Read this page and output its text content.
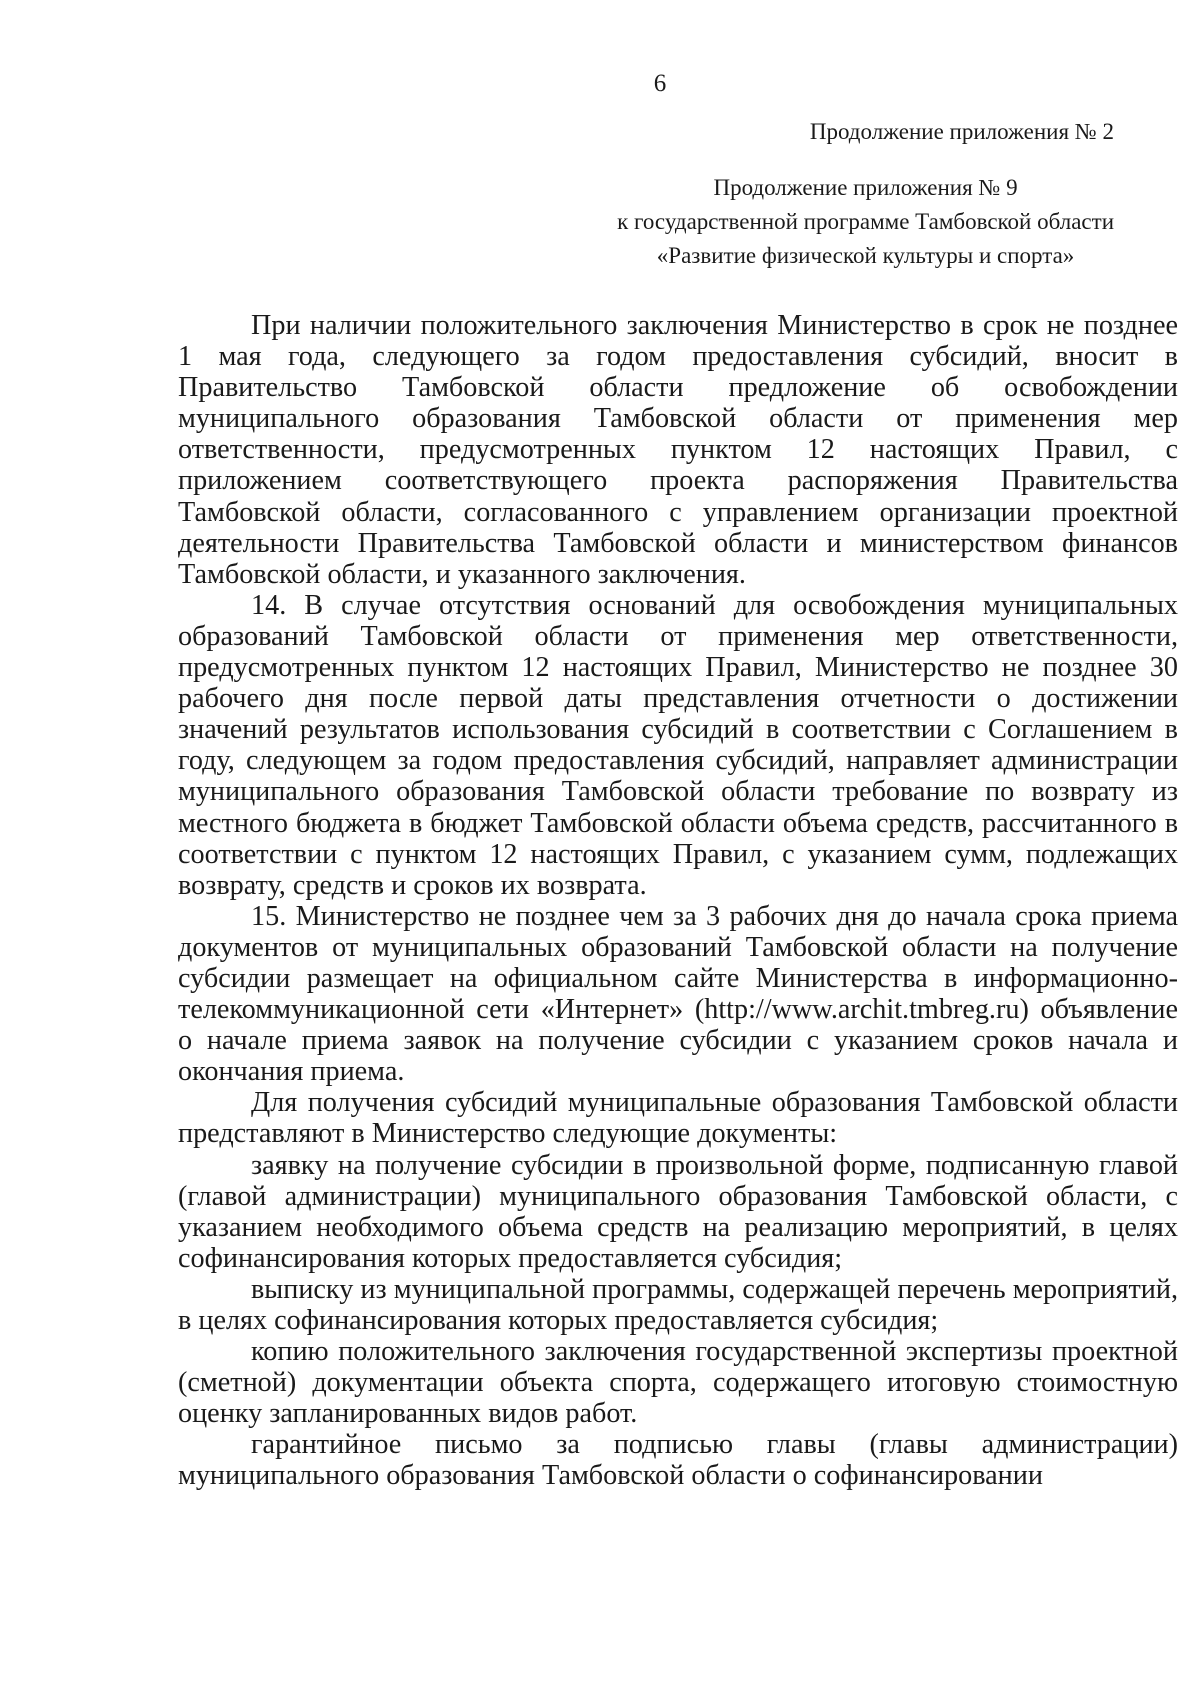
6
Продолжение приложения № 2
Продолжение приложения № 9
к государственной программе Тамбовской области
«Развитие физической культуры и спорта»

При наличии положительного заключения Министерство в срок не позднее 1 мая года, следующего за годом предоставления субсидий, вносит в Правительство Тамбовской области предложение об освобождении муниципального образования Тамбовской области от применения мер ответственности, предусмотренных пунктом 12 настоящих Правил, с приложением соответствующего проекта распоряжения Правительства Тамбовской области, согласованного с управлением организации проектной деятельности Правительства Тамбовской области и министерством финансов Тамбовской области, и указанного заключения.

14. В случае отсутствия оснований для освобождения муниципальных образований Тамбовской области от применения мер ответственности, предусмотренных пунктом 12 настоящих Правил, Министерство не позднее 30 рабочего дня после первой даты представления отчетности о достижении значений результатов использования субсидий в соответствии с Соглашением в году, следующем за годом предоставления субсидий, направляет администрации муниципального образования Тамбовской области требование по возврату из местного бюджета в бюджет Тамбовской области объема средств, рассчитанного в соответствии с пунктом 12 настоящих Правил, с указанием сумм, подлежащих возврату, средств и сроков их возврата.

15. Министерство не позднее чем за 3 рабочих дня до начала срока приема документов от муниципальных образований Тамбовской области на получение субсидии размещает на официальном сайте Министерства в информационно-телекоммуникационной сети «Интернет» (http://www.archit.tmbreg.ru) объявление о начале приема заявок на получение субсидии с указанием сроков начала и окончания приема.

Для получения субсидий муниципальные образования Тамбовской области представляют в Министерство следующие документы:

заявку на получение субсидии в произвольной форме, подписанную главой (главой администрации) муниципального образования Тамбовской области, с указанием необходимого объема средств на реализацию мероприятий, в целях софинансирования которых предоставляется субсидия;

выписку из муниципальной программы, содержащей перечень мероприятий, в целях софинансирования которых предоставляется субсидия;

копию положительного заключения государственной экспертизы проектной (сметной) документации объекта спорта, содержащего итоговую стоимостную оценку запланированных видов работ.

гарантийное письмо за подписью главы (главы администрации) муниципального образования Тамбовской области о софинансировании
